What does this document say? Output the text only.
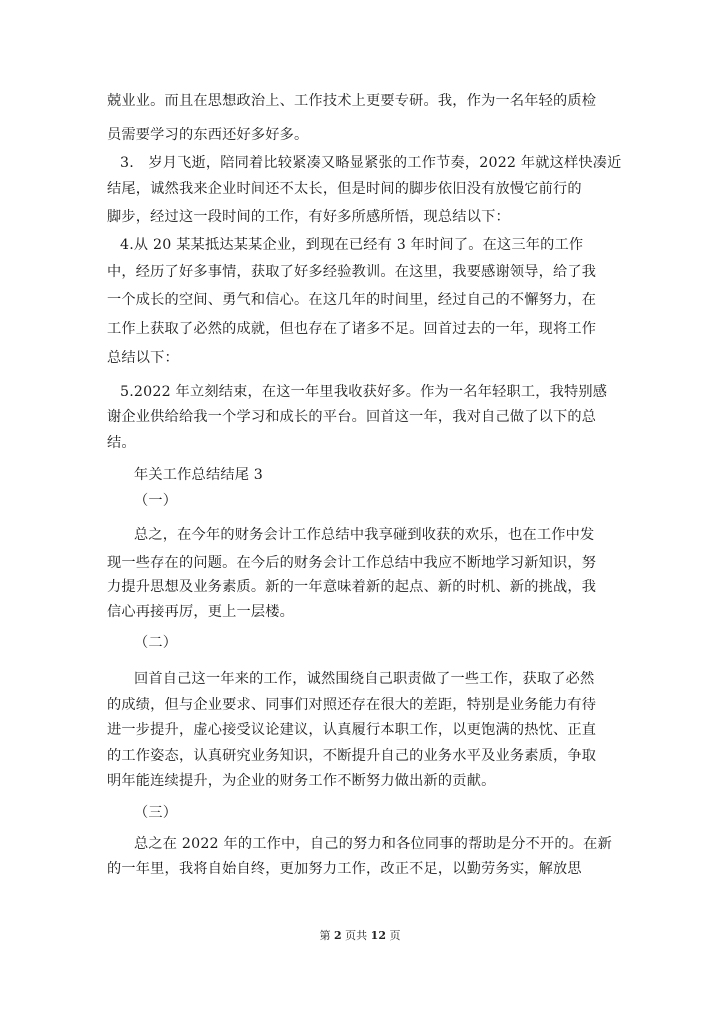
兢业业。而且在思想政治上、工作技术上更要专研。我，作为一名年轻的质检

员需要学习的东西还好多好多。

3.　岁月飞逝，陪同着比较紧凑又略显紧张的工作节奏，2022 年就这样快凑近

结尾，诚然我来企业时间还不太长，但是时间的脚步依旧没有放慢它前行的

脚步，经过这一段时间的工作，有好多所感所悟，现总结以下：

4.从 20 某某抵达某某企业，到现在已经有 3 年时间了。在这三年的工作

中，经历了好多事情，获取了好多经验教训。在这里，我要感谢领导，给了我

一个成长的空间、勇气和信心。在这几年的时间里，经过自己的不懈努力，在

工作上获取了必然的成就，但也存在了诸多不足。回首过去的一年，现将工作

总结以下：

5.2022 年立刻结束，在这一年里我收获好多。作为一名年轻职工，我特别感

谢企业供给给我一个学习和成长的平台。回首这一年，我对自己做了以下的总

结。

年关工作总结结尾 3

（一）

总之，在今年的财务会计工作总结中我享碰到收获的欢乐，也在工作中发

现一些存在的问题。在今后的财务会计工作总结中我应不断地学习新知识，努

力提升思想及业务素质。新的一年意味着新的起点、新的时机、新的挑战，我

信心再接再厉，更上一层楼。

（二）

回首自己这一年来的工作，诚然围绕自己职责做了一些工作，获取了必然

的成绩，但与企业要求、同事们对照还存在很大的差距，特别是业务能力有待

进一步提升，虚心接受议论建议，认真履行本职工作，以更饱满的热忱、正直

的工作姿态，认真研究业务知识，不断提升自己的业务水平及业务素质，争取

明年能连续提升，为企业的财务工作不断努力做出新的贡献。

（三）

总之在 2022 年的工作中，自己的努力和各位同事的帮助是分不开的。在新

的一年里，我将自始自终，更加努力工作，改正不足，以勤劳务实，解放思

第 2 页共 12 页
